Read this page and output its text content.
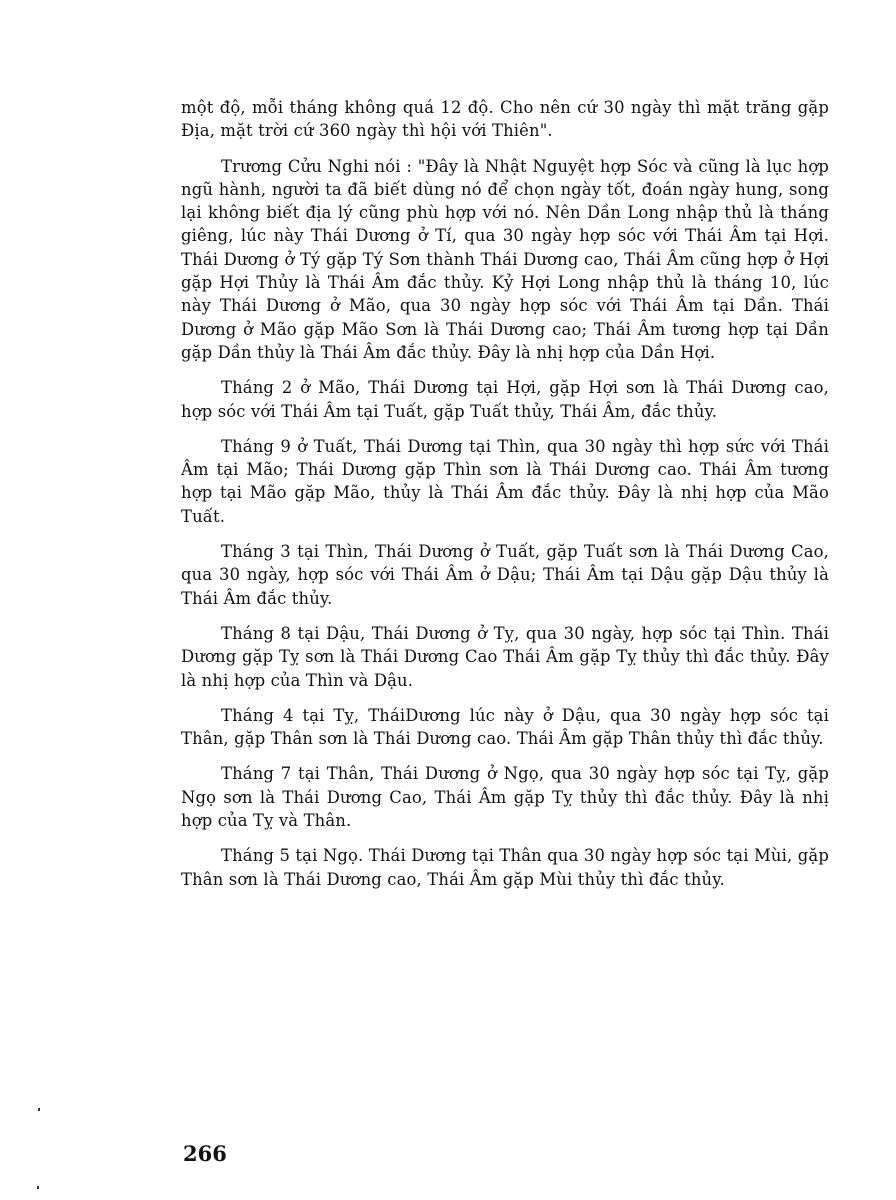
một độ, mỗi tháng không quá 12 độ. Cho nên cứ 30 ngày thì mặt trăng gặp Địa, mặt trời cứ 360 ngày thì hội với Thiên".

Trương Cửu Nghi nói : "Đây là Nhật Nguyệt hợp Sóc và cũng là lục hợp ngũ hành, người ta đã biết dùng nó để chọn ngày tốt, đoán ngày hung, song lại không biết địa lý cũng phù hợp với nó. Nên Dần Long nhập thủ là tháng giêng, lúc này Thái Dương ở Tí, qua 30 ngày hợp sóc với Thái Âm tại Hợi. Thái Dương ở Tý gặp Tý Sơn thành Thái Dương cao, Thái Âm cũng hợp ở Hợi gặp Hợi Thủy là Thái Âm đắc thủy. Kỷ Hợi Long nhập thủ là tháng 10, lúc này Thái Dương ở Mão, qua 30 ngày hợp sóc với Thái Âm tại Dần. Thái Dương ở Mão gặp Mão Sơn là Thái Dương cao; Thái Âm tương hợp tại Dần gặp Dần thủy là Thái Âm đắc thủy. Đây là nhị hợp của Dần Hợi.

Tháng 2 ở Mão, Thái Dương tại Hợi, gặp Hợi sơn là Thái Dương cao, hợp sóc với Thái Âm tại Tuất, gặp Tuất thủy, Thái Âm, đắc thủy.

Tháng 9 ở Tuất, Thái Dương tại Thìn, qua 30 ngày thì hợp sức với Thái Âm tại Mão; Thái Dương gặp Thìn sơn là Thái Dương cao. Thái Âm tương hợp tại Mão gặp Mão, thủy là Thái Âm đắc thủy. Đây là nhị hợp của Mão Tuất.

Tháng 3 tại Thìn, Thái Dương ở Tuất, gặp Tuất sơn là Thái Dương Cao, qua 30 ngày, hợp sóc với Thái Âm ở Dậu; Thái Âm tại Dậu gặp Dậu thủy là Thái Âm đắc thủy.

Tháng 8 tại Dậu, Thái Dương ở Tỵ, qua 30 ngày, hợp sóc tại Thìn. Thái Dương gặp Tỵ sơn là Thái Dương Cao Thái Âm gặp Tỵ thủy thì đắc thủy. Đây là nhị hợp của Thìn và Dậu.

Tháng 4 tại Tỵ, TháiDương lúc này ở Dậu, qua 30 ngày hợp sóc tại Thân, gặp Thân sơn là Thái Dương cao. Thái Âm gặp Thân thủy thì đắc thủy.

Tháng 7 tại Thân, Thái Dương ở Ngọ, qua 30 ngày hợp sóc tại Tỵ, gặp Ngọ sơn là Thái Dương Cao, Thái Âm gặp Tỵ thủy thì đắc thủy. Đây là nhị hợp của Tỵ và Thân.

Tháng 5 tại Ngọ. Thái Dương tại Thân qua 30 ngày hợp sóc tại Mùi, gặp Thân sơn là Thái Dương cao, Thái Âm gặp Mùi thủy thì đắc thủy.

266
